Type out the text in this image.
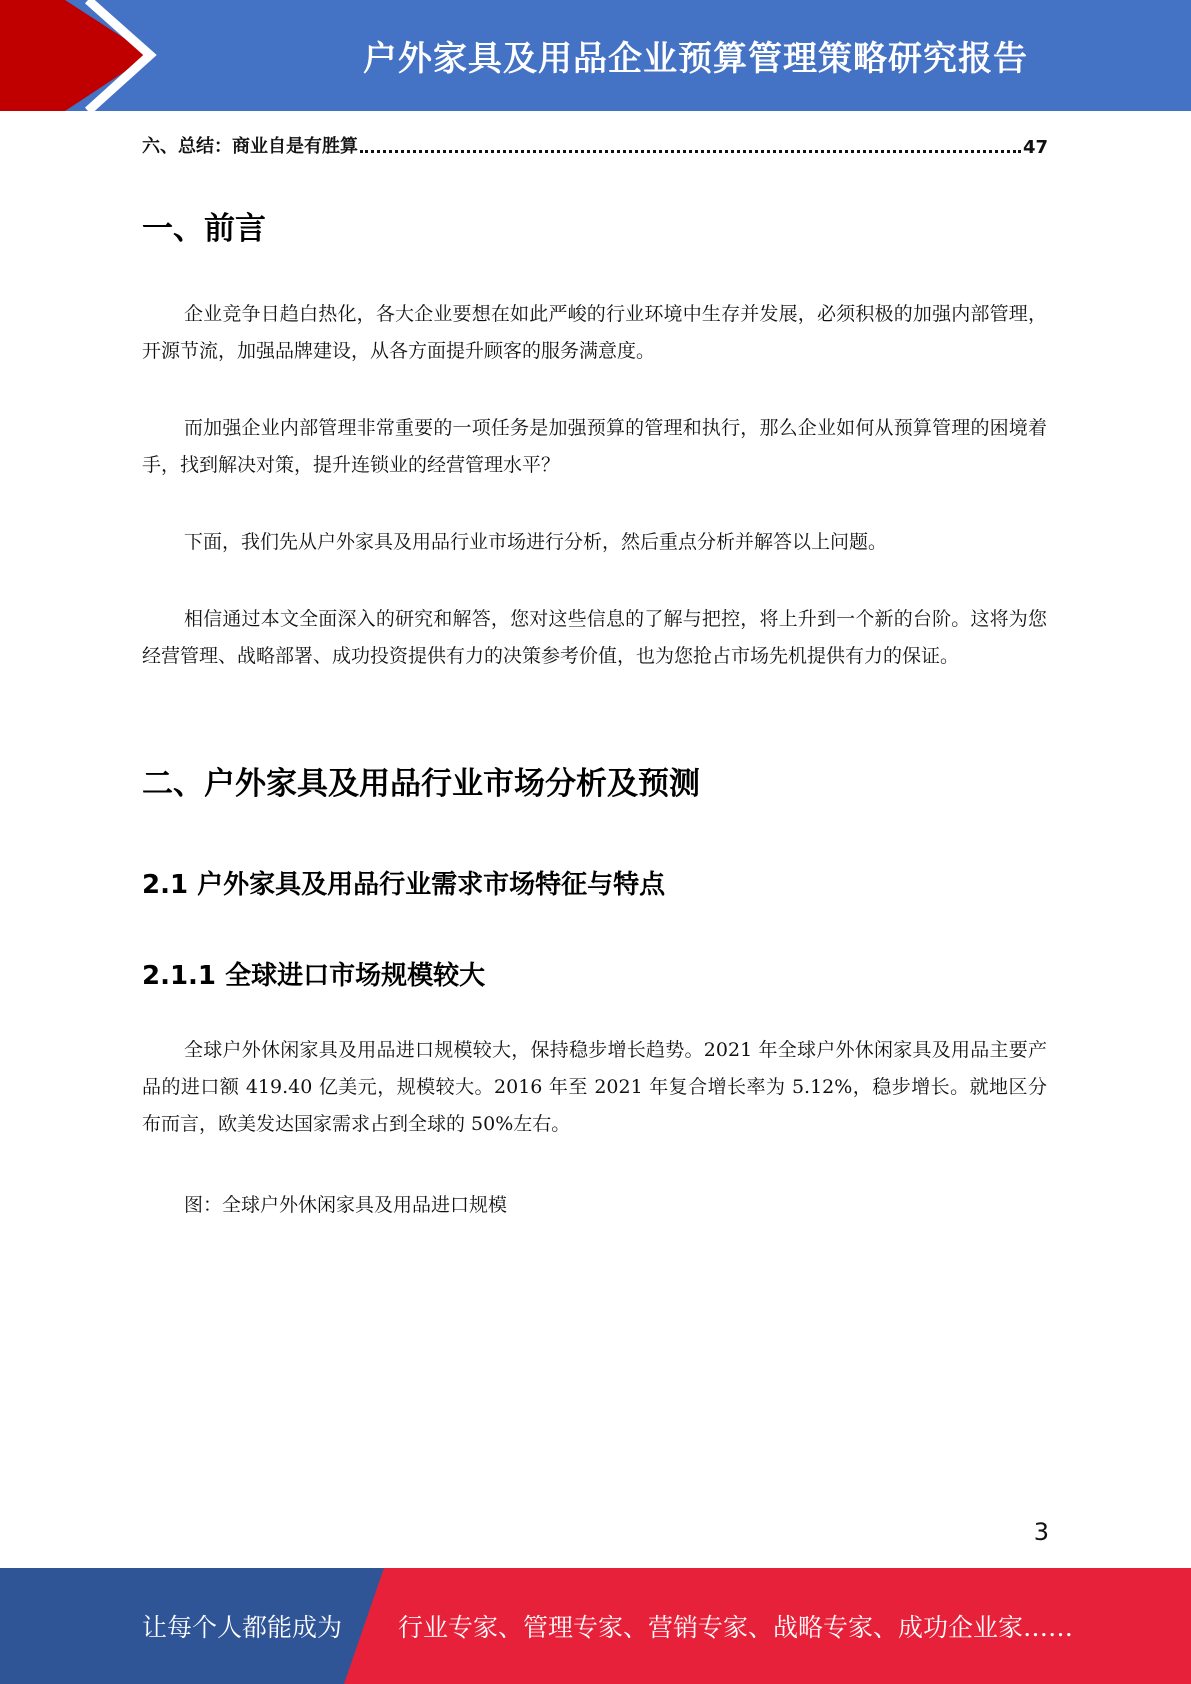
户外家具及用品企业预算管理策略研究报告
六、总结：商业自是有胜算	47
一、前言
企业竞争日趋白热化，各大企业要想在如此严峻的行业环境中生存并发展，必须积极的加强内部管理，开源节流，加强品牌建设，从各方面提升顾客的服务满意度。
而加强企业内部管理非常重要的一项任务是加强预算的管理和执行，那么企业如何从预算管理的困境着手，找到解决对策，提升连锁业的经营管理水平？
下面，我们先从户外家具及用品行业市场进行分析，然后重点分析并解答以上问题。
相信通过本文全面深入的研究和解答，您对这些信息的了解与把控，将上升到一个新的台阶。这将为您经营管理、战略部署、成功投资提供有力的决策参考价值，也为您抢占市场先机提供有力的保证。
二、户外家具及用品行业市场分析及预测
2.1 户外家具及用品行业需求市场特征与特点
2.1.1 全球进口市场规模较大
全球户外休闲家具及用品进口规模较大，保持稳步增长趋势。2021 年全球户外休闲家具及用品主要产品的进口额 419.40 亿美元，规模较大。2016 年至 2021 年复合增长率为 5.12%，稳步增长。就地区分布而言，欧美发达国家需求占到全球的 50%左右。
图：全球户外休闲家具及用品进口规模
3
让每个人都能成为 行业专家、管理专家、营销专家、战略专家、成功企业家……
